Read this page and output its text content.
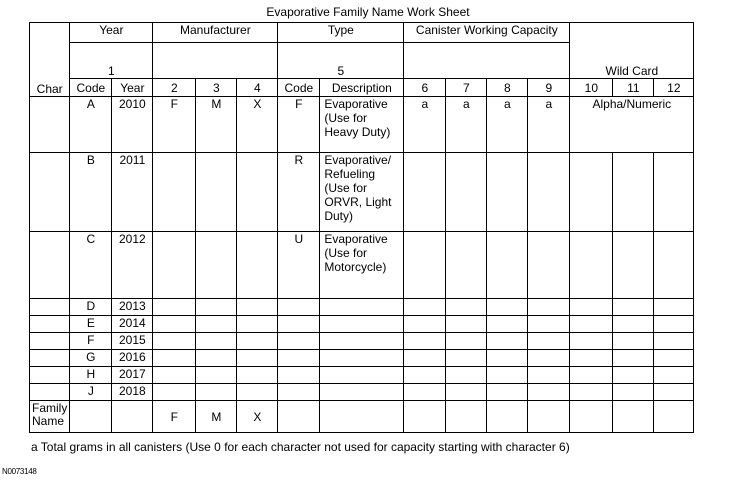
Evaporative Family Name Work Sheet
Char	Year		Manufacturer			Type		Canister Working Capacity				Wild Card		
	1					5								
	Code	Year	2	3	4	Code	Description	6	7	8	9	10	11	12
	A	2010	F	M	X	F	Evaporative (Use for Heavy Duty)	a	a	a	a	Alpha/Numeric		
	B	2011				R	Evaporative/ Refueling (Use for ORVR, Light Duty)							
	C	2012				U	Evaporative (Use for Motorcycle)							
	D	2013												
	E	2014												
	F	2015												
	G	2016												
	H	2017												
	J	2018												
Family Name			F	M	X									
a Total grams in all canisters (Use 0 for each character not used for capacity starting with character 6)
N0073148
